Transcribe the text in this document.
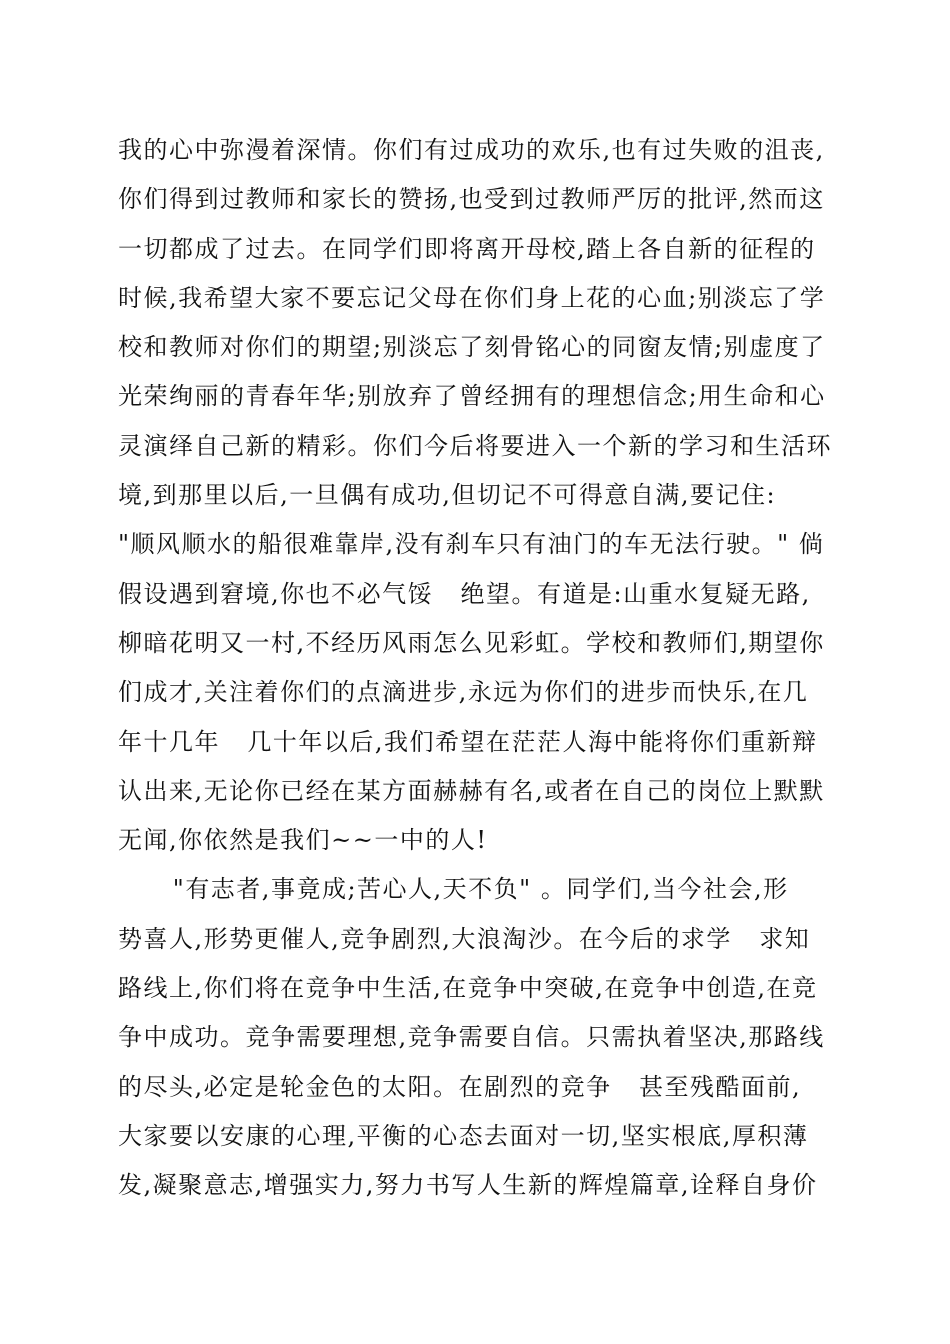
我的心中弥漫着深情。你们有过成功的欢乐,也有过失败的沮丧,
你们得到过教师和家长的赞扬,也受到过教师严厉的批评,然而这
一切都成了过去。在同学们即将离开母校,踏上各自新的征程的
时候,我希望大家不要忘记父母在你们身上花的心血;别淡忘了学
校和教师对你们的期望;别淡忘了刻骨铭心的同窗友情;别虚度了
光荣绚丽的青春年华;别放弃了曾经拥有的理想信念;用生命和心
灵演绎自己新的精彩。你们今后将要进入一个新的学习和生活环
境,到那里以后,一旦偶有成功,但切记不可得意自满,要记住:
"顺风顺水的船很难靠岸,没有刹车只有油门的车无法行驶。" 倘
假设遇到窘境,你也不必气馁   绝望。有道是:山重水复疑无路,
柳暗花明又一村,不经历风雨怎么见彩虹。学校和教师们,期望你
们成才,关注着你们的点滴进步,永远为你们的进步而快乐,在几
年十几年   几十年以后,我们希望在茫茫人海中能将你们重新辩
认出来,无论你已经在某方面赫赫有名,或者在自己的岗位上默默
无闻,你依然是我们~~一中的人!
"有志者,事竟成;苦心人,天不负" 。同学们,当今社会,形
势喜人,形势更催人,竞争剧烈,大浪淘沙。在今后的求学   求知
路线上,你们将在竞争中生活,在竞争中突破,在竞争中创造,在竞
争中成功。竞争需要理想,竞争需要自信。只需执着坚决,那路线
的尽头,必定是轮金色的太阳。在剧烈的竞争   甚至残酷面前,
大家要以安康的心理,平衡的心态去面对一切,坚实根底,厚积薄
发,凝聚意志,增强实力,努力书写人生新的辉煌篇章,诠释自身价
